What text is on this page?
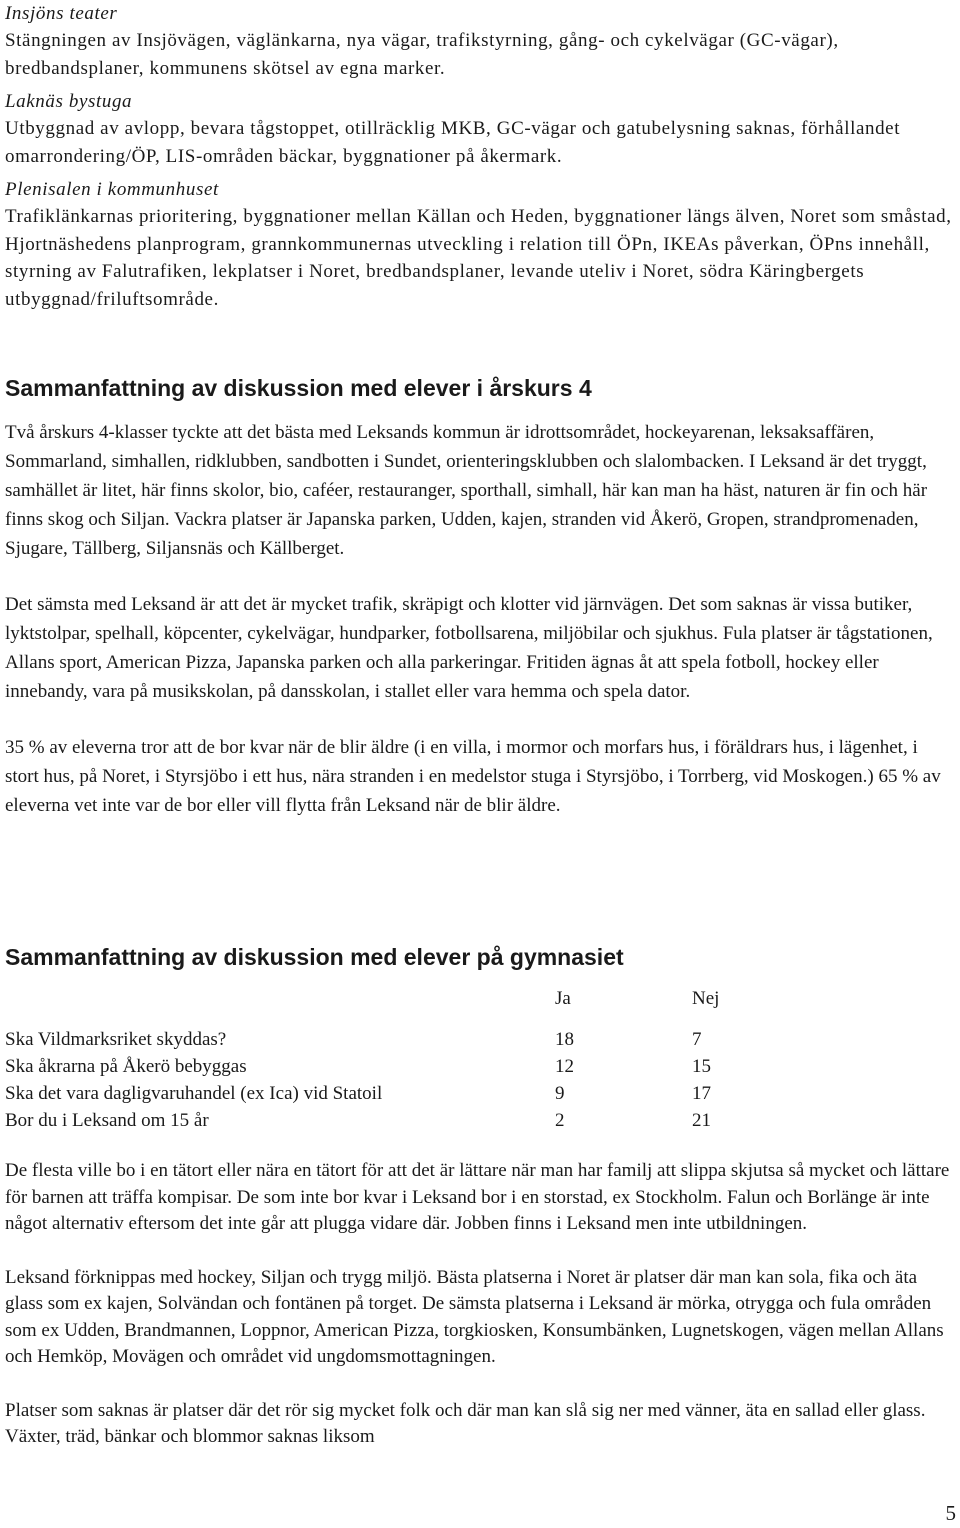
Insjöns teater
Stängningen av Insjövägen, väglänkarna, nya vägar, trafikstyrning, gång- och cykelvägar (GC-vägar), bredbandsplaner, kommunens skötsel av egna marker.
Laknäs bystuga
Utbyggnad av avlopp, bevara tågstoppet, otillräcklig MKB, GC-vägar och gatubelysning saknas, förhållandet omarrondering/ÖP, LIS-områden bäckar, byggnationer på åkermark.
Plenisalen i kommunhuset
Trafiklänkarnas prioritering, byggnationer mellan Källan och Heden, byggnationer längs älven, Noret som småstad, Hjortnäshedens planprogram, grannkommunernas utveckling i relation till ÖPn, IKEAs påverkan, ÖPns innehåll, styrning av Falutrafiken, lekplatser i Noret, bredbandsplaner, levande uteliv i Noret, södra Käringbergets utbyggnad/friluftsområde.
Sammanfattning av diskussion med elever i årskurs 4

Två årskurs 4-klasser tyckte att det bästa med Leksands kommun är idrottsområdet, hockeyarenan, leksaksaffären, Sommarland, simhallen, ridklubben, sandbotten i Sundet, orienteringsklubben och slalombacken. I Leksand är det tryggt, samhället är litet, här finns skolor, bio, caféer, restauranger, sporthall, simhall, här kan man ha häst, naturen är fin och här finns skog och Siljan. Vackra platser är Japanska parken, Udden, kajen, stranden vid Åkerö, Gropen, strandpromenaden, Sjugare, Tällberg, Siljansnäs och Källberget.

Det sämsta med Leksand är att det är mycket trafik, skräpigt och klotter vid järnvägen. Det som saknas är vissa butiker, lyktstolpar, spelhall, köpcenter, cykelvägar, hundparker, fotbollsarena, miljöbilar och sjukhus. Fula platser är tågstationen, Allans sport, American Pizza, Japanska parken och alla parkeringar. Fritiden ägnas åt att spela fotboll, hockey eller innebandy, vara på musikskolan, på dansskolan, i stallet eller vara hemma och spela dator.

35 % av eleverna tror att de bor kvar när de blir äldre (i en villa, i mormor och morfars hus, i föräldrars hus, i lägenhet, i stort hus, på Noret, i Styrsjöbo i ett hus, nära stranden i en medelstor stuga i Styrsjöbo, i Torrberg, vid Moskogen.) 65 % av eleverna vet inte var de bor eller vill flytta från Leksand när de blir äldre.

Sammanfattning av diskussion med elever på gymnasiet
	Ja	Nej

Ska Vildmarksriket skyddas?	18	7
Ska åkrarna på Åkerö bebyggas	12	15
Ska det vara dagligvaruhandel (ex Ica) vid Statoil	9	17
Bor du i Leksand om 15 år	2	21

De flesta ville bo i en tätort eller nära en tätort för att det är lättare när man har familj att slippa skjutsa så mycket och lättare för barnen att träffa kompisar. De som inte bor kvar i Leksand bor i en storstad, ex Stockholm. Falun och Borlänge är inte något alternativ eftersom det inte går att plugga vidare där. Jobben finns i Leksand men inte utbildningen.

Leksand förknippas med hockey, Siljan och trygg miljö. Bästa platserna i Noret är platser där man kan sola, fika och äta glass som ex kajen, Solvändan och fontänen på torget. De sämsta platserna i Leksand är mörka, otrygga och fula områden som ex Udden, Brandmannen, Loppnor, American Pizza, torgkiosken, Konsumbänken, Lugnetskogen, vägen mellan Allans och Hemköp, Movägen och området vid ungdomsmottagningen.

Platser som saknas är platser där det rör sig mycket folk och där man kan slå sig ner med vänner, äta en sallad eller glass. Växter, träd, bänkar och blommor saknas liksom

5
